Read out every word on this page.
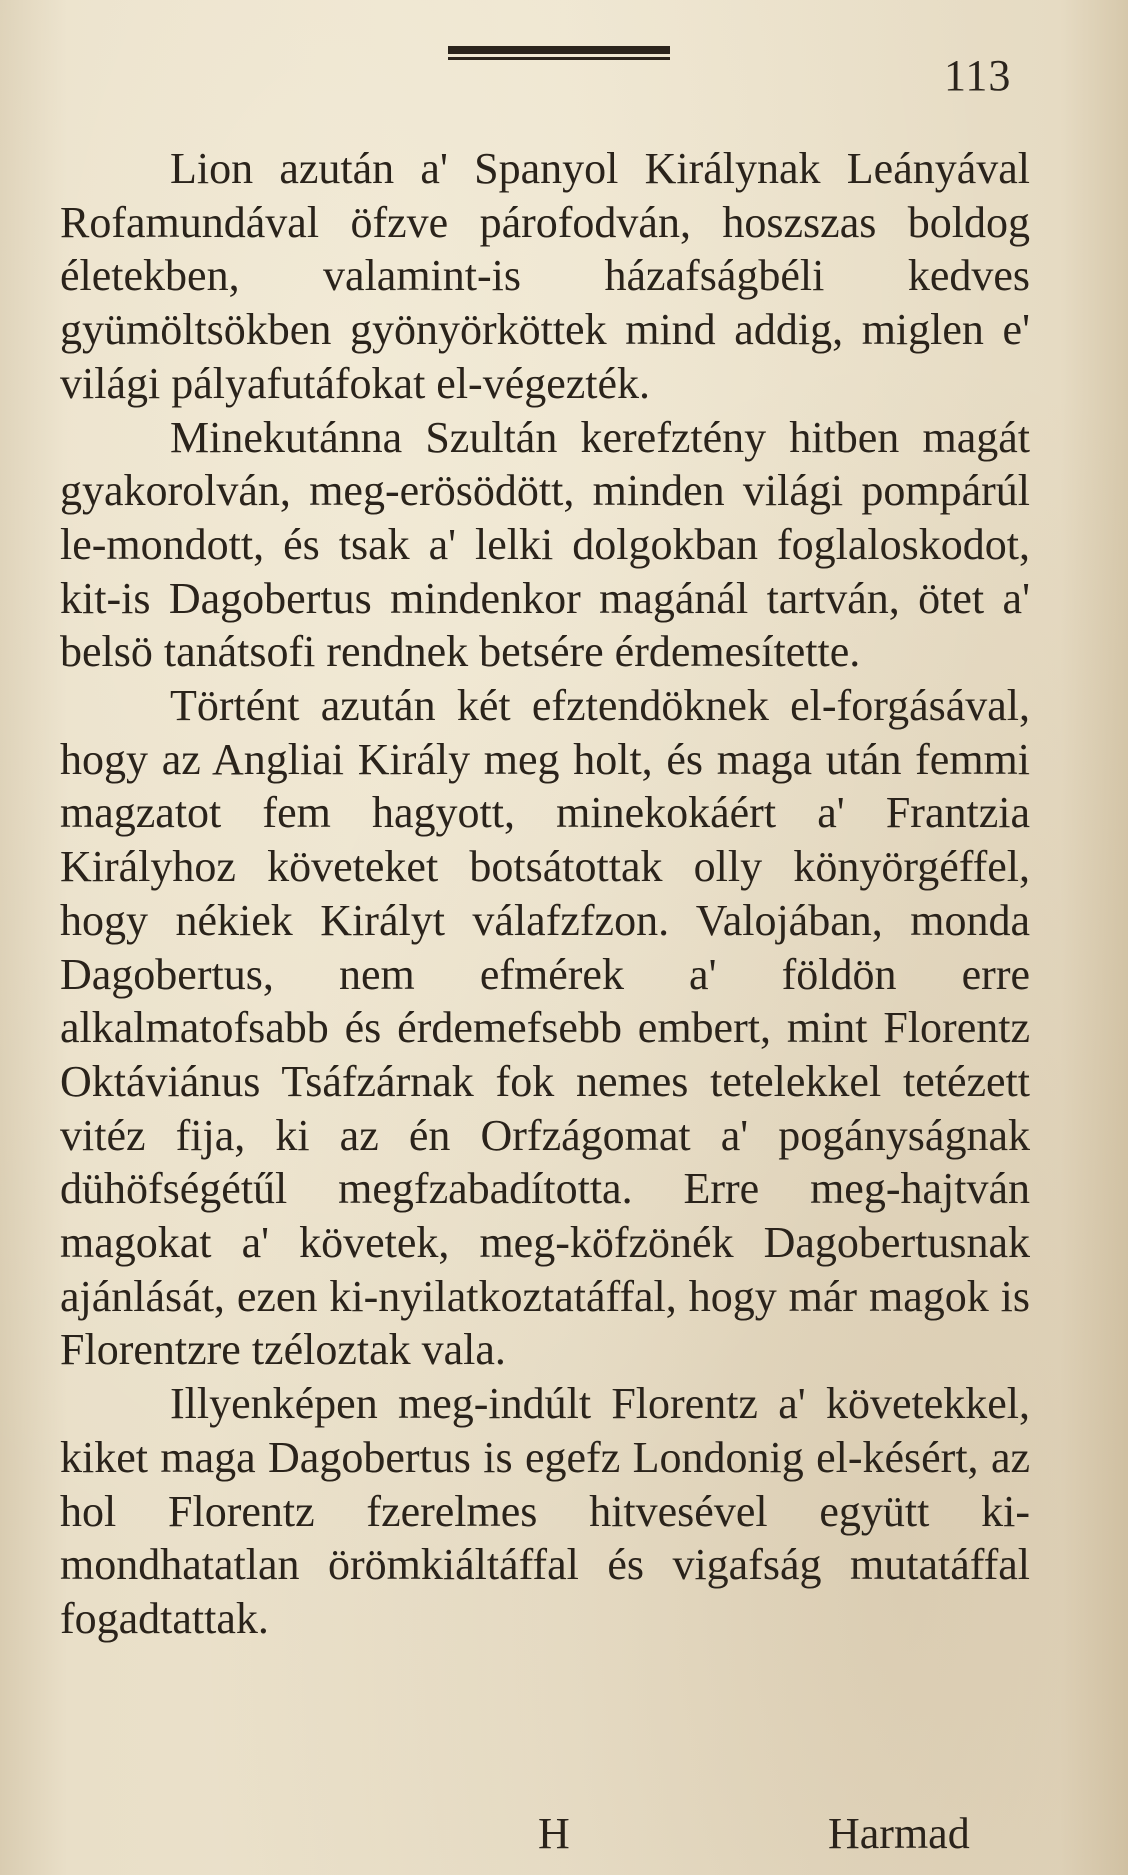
113

Lion azután a' Spanyol Királynak Leányával Rofamundával öfzve párofodván, hoszszas boldog életekben, valamint-is házafságbéli kedves gyümöltsökben gyönyörköttek mind addig, miglen e' világi pályafutáfokat el-végezték.

Minekutánna Szultán kerefztény hitben magát gyakorolván, meg-erösödött, minden világi pompárúl le-mondott, és tsak a' lelki dolgokban foglaloskodot, kit-is Dagobertus mindenkor magánál tartván, ötet a' belsö tanátsofi rendnek betsére érdemesítette.

Történt azután két efztendöknek el-forgásával, hogy az Angliai Király meg holt, és maga után femmi magzatot fem hagyott, minekokáért a' Frantzia Királyhoz követeket botsátottak olly könyörgéffel, hogy nékiek Királyt válafzfzon. Valojában, monda Dagobertus, nem efmérek a' földön erre alkalmatofsabb és érdemefsebb embert, mint Florentz Oktáviánus Tsáfzárnak fok nemes tetelekkel tetézett vitéz fija, ki az én Orfzágomat a' pogányságnak dühöfségétűl megfzabadította. Erre meg-hajtván magokat a' követek, meg-köfzönék Dagobertusnak ajánlását, ezen ki-nyilatkoztatáffal, hogy már magok is Florentzre tzéloztak vala.

Illyenképen meg-indúlt Florentz a' követekkel, kiket maga Dagobertus is egefz Londonig el-késért, az hol Florentz fzerelmes hitvesével együtt ki-mondhatatlan örömkiáltáffal és vigafság mutatáffal fogadtattak.

H	Harmad
